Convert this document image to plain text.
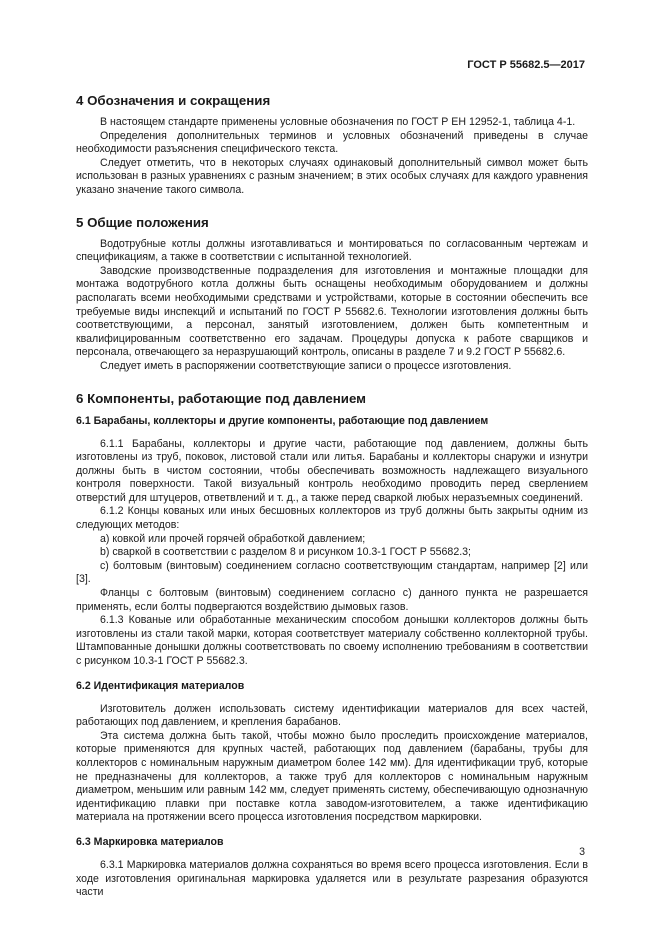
ГОСТ Р 55682.5—2017
4 Обозначения и сокращения

В настоящем стандарте применены условные обозначения по ГОСТ Р ЕН 12952-1, таблица 4-1.

Определения дополнительных терминов и условных обозначений приведены в случае необходимости разъяснения специфического текста.

Следует отметить, что в некоторых случаях одинаковый дополнительный символ может быть использован в разных уравнениях с разным значением; в этих особых случаях для каждого уравнения указано значение такого символа.

5 Общие положения

Водотрубные котлы должны изготавливаться и монтироваться по согласованным чертежам и спецификациям, а также в соответствии с испытанной технологией.

Заводские производственные подразделения для изготовления и монтажные площадки для монтажа водотрубного котла должны быть оснащены необходимым оборудованием и должны располагать всеми необходимыми средствами и устройствами, которые в состоянии обеспечить все требуемые виды инспекций и испытаний по ГОСТ Р 55682.6. Технологии изготовления должны быть соответствующими, а персонал, занятый изготовлением, должен быть компетентным и квалифицированным соответственно его задачам. Процедуры допуска к работе сварщиков и персонала, отвечающего за неразрушающий контроль, описаны в разделе 7 и 9.2 ГОСТ Р 55682.6.

Следует иметь в распоряжении соответствующие записи о процессе изготовления.

6 Компоненты, работающие под давлением
6.1 Барабаны, коллекторы и другие компоненты, работающие под давлением

6.1.1 Барабаны, коллекторы и другие части, работающие под давлением, должны быть изготовлены из труб, поковок, листовой стали или литья. Барабаны и коллекторы снаружи и изнутри должны быть в чистом состоянии, чтобы обеспечивать возможность надлежащего визуального контроля поверхности. Такой визуальный контроль необходимо проводить перед сверлением отверстий для штуцеров, ответвлений и т. д., а также перед сваркой любых неразъемных соединений.

6.1.2 Концы кованых или иных бесшовных коллекторов из труб должны быть закрыты одним из следующих методов:

а) ковкой или прочей горячей обработкой давлением;

b) сваркой в соответствии с разделом 8 и рисунком 10.3-1 ГОСТ Р 55682.3;

c) болтовым (винтовым) соединением согласно соответствующим стандартам, например [2] или [3].

Фланцы с болтовым (винтовым) соединением согласно с) данного пункта не разрешается применять, если болты подвергаются воздействию дымовых газов.

6.1.3 Кованые или обработанные механическим способом донышки коллекторов должны быть изготовлены из стали такой марки, которая соответствует материалу собственно коллекторной трубы. Штампованные донышки должны соответствовать по своему исполнению требованиям в соответствии с рисунком 10.3-1 ГОСТ Р 55682.3.

6.2 Идентификация материалов

Изготовитель должен использовать систему идентификации материалов для всех частей, работающих под давлением, и крепления барабанов.

Эта система должна быть такой, чтобы можно было проследить происхождение материалов, которые применяются для крупных частей, работающих под давлением (барабаны, трубы для коллекторов с номинальным наружным диаметром более 142 мм). Для идентификации труб, которые не предназначены для коллекторов, а также труб для коллекторов с номинальным наружным диаметром, меньшим или равным 142 мм, следует применять систему, обеспечивающую однозначную идентификацию плавки при поставке котла заводом-изготовителем, а также идентификацию материала на протяжении всего процесса изготовления посредством маркировки.

6.3 Маркировка материалов

6.3.1 Маркировка материалов должна сохраняться во время всего процесса изготовления. Если в ходе изготовления оригинальная маркировка удаляется или в результате разрезания образуются части

3
